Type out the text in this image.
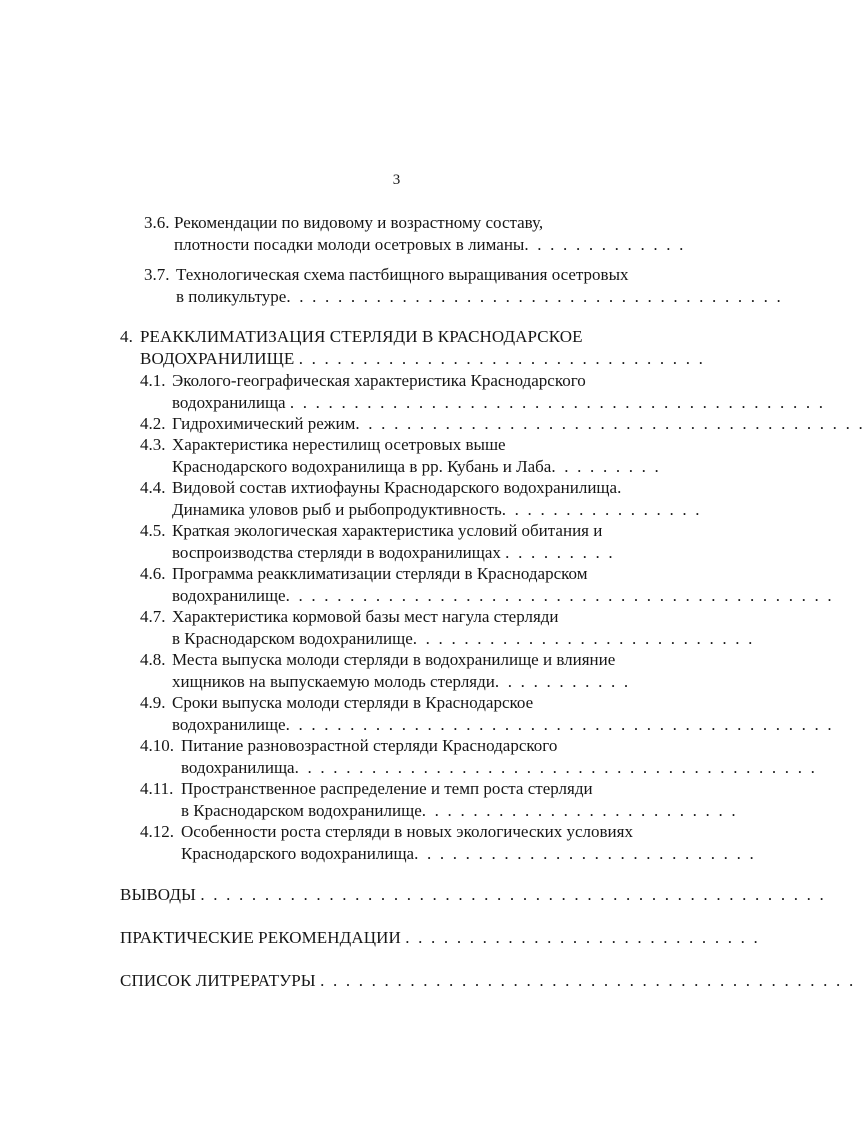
3
3.6. Рекомендации по видовому и возрастному составу,
плотности посадки молоди осетровых в лиманы. . . . . . . . . . . . .
3.7. Технологическая схема пастбищного выращивания осетровых
в поликультуре. . . . . . . . . . . . . . . . . . . . . . . . . . . . . . . . . . . . . . .
4. РЕАККЛИМАТИЗАЦИЯ СТЕРЛЯДИ В КРАСНОДАРСКОЕ
ВОДОХРАНИЛИЩЕ . . . . . . . . . . . . . . . . . . . . . . . . . . . . . . . .
4.1. Эколого-географическая характеристика Краснодарского
водохранилища . . . . . . . . . . . . . . . . . . . . . . . . . . . . . . . . . . . . . . . . . .
4.2. Гидрохимический режим. . . . . . . . . . . . . . . . . . . . . . . . . . . . . . . . . . . . . . . .
4.3. Характеристика нерестилищ осетровых выше
Краснодарского водохранилища в рр. Кубань и Лаба. . . . . . . . .
4.4. Видовой состав ихтиофауны Краснодарского водохранилища.
Динамика уловов рыб и рыбопродуктивность. . . . . . . . . . . . . . . .
4.5. Краткая экологическая характеристика условий обитания и
воспроизводства стерляди в водохранилищах . . . . . . . . .
4.6. Программа реакклиматизации стерляди в Краснодарском
водохранилище. . . . . . . . . . . . . . . . . . . . . . . . . . . . . . . . . . . . . . . . . . .
4.7. Характеристика кормовой базы мест нагула стерляди
в Краснодарском водохранилище. . . . . . . . . . . . . . . . . . . . . . . . . . .
4.8. Места выпуска молоди стерляди в водохранилище и влияние
хищников на выпускаемую молодь стерляди. . . . . . . . . . .
4.9. Сроки выпуска молоди стерляди в Краснодарское
водохранилище. . . . . . . . . . . . . . . . . . . . . . . . . . . . . . . . . . . . . . . . . . .
4.10. Питание разновозрастной стерляди Краснодарского
водохранилища. . . . . . . . . . . . . . . . . . . . . . . . . . . . . . . . . . . . . . . . .
4.11. Пространственное распределение и темп роста стерляди
в Краснодарском водохранилище. . . . . . . . . . . . . . . . . . . . . . . . .
4.12. Особенности роста стерляди в новых экологических условиях
Краснодарского водохранилища. . . . . . . . . . . . . . . . . . . . . . . . . . .
ВЫВОДЫ . . . . . . . . . . . . . . . . . . . . . . . . . . . . . . . . . . . . . . . . . . . . . . . . .
ПРАКТИЧЕСКИЕ РЕКОМЕНДАЦИИ . . . . . . . . . . . . . . . . . . . . . . . . . . . .
СПИСОК ЛИТРЕРАТУРЫ . . . . . . . . . . . . . . . . . . . . . . . . . . . . . . . . . . . . . . . . . .
